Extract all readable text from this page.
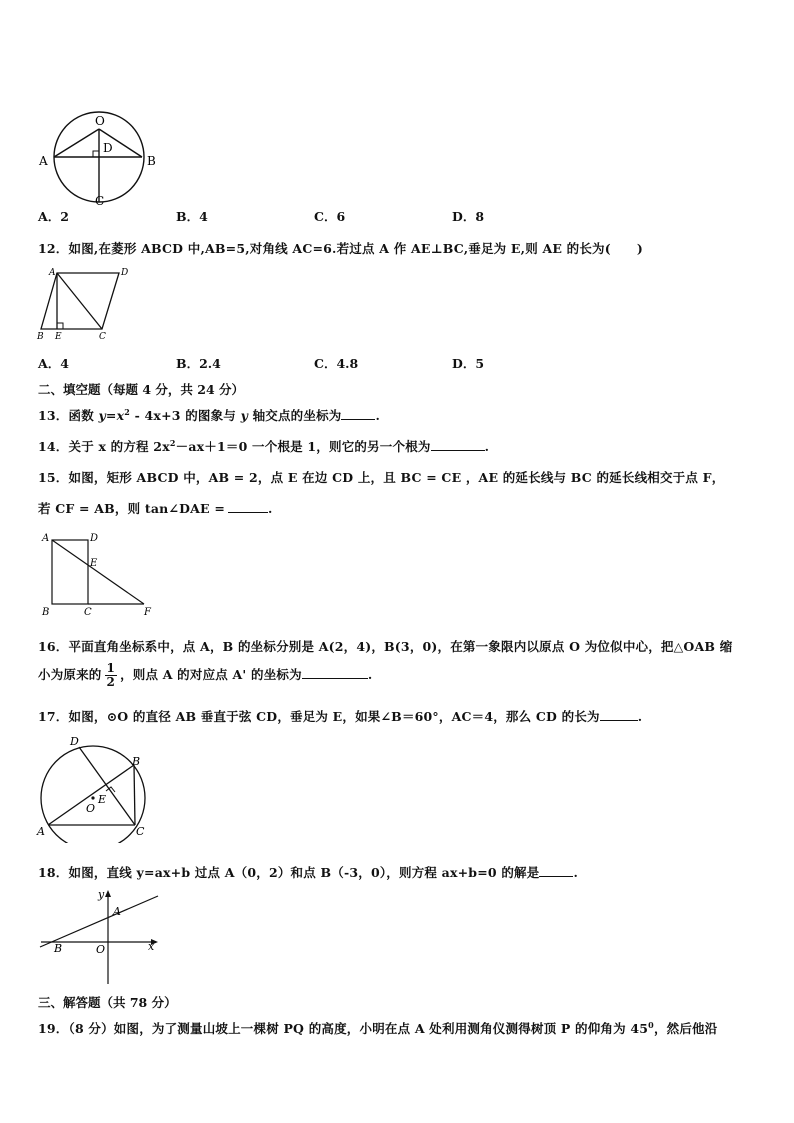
O
D
A	B
C
A．2	B．4	C．6	D．8
12．如图,在菱形 ABCD 中,AB=5,对角线 AC=6.若过点 A 作 AE⊥BC,垂足为 E,则 AE 的长为( )
A	D
B E	C
A．4	B．2.4	C．4.8	D．5
二、填空题（每题 4 分，共 24 分）
13．函数 $y=x^2 - 4x+3$ 的图象与 y 轴交点的坐标为	.
14．关于 x 的方程 $2x^2-ax+1=0$ 一个根是 1，则它的另一个根为	.
15．如图，矩形 ABCD 中，AB = 2，点 E 在边 CD 上，且 BC = CE ，AE 的延长线与 BC 的延长线相交于点 F，
若 CF = AB，则 tan∠DAE =	.
A	D
E
B	C	F
16．平面直角坐标系中，点 A，B 的坐标分别是 A(2，4)，B(3，0)，在第一象限内以原点 O 为位似中心，把△OAB 缩
小为原来的 $\frac{1}{2}$ ，则点 A 的对应点 A' 的坐标为	.
17．如图，⊙O 的直径 AB 垂直于弦 CD，垂足为 E，如果∠B＝60°，AC＝4，那么 CD 的长为	.
D
B
E
O
A	C
18．如图，直线 y=ax+b 过点 A（0，2）和点 B（-3，0），则方程 ax+b=0 的解是	.
y
A
B	O	x
三、解答题（共 78 分）
19．（8 分）如图，为了测量山坡上一棵树 PQ 的高度，小明在点 A 处利用测角仪测得树顶 P 的仰角为 $45^0$，然后他沿
